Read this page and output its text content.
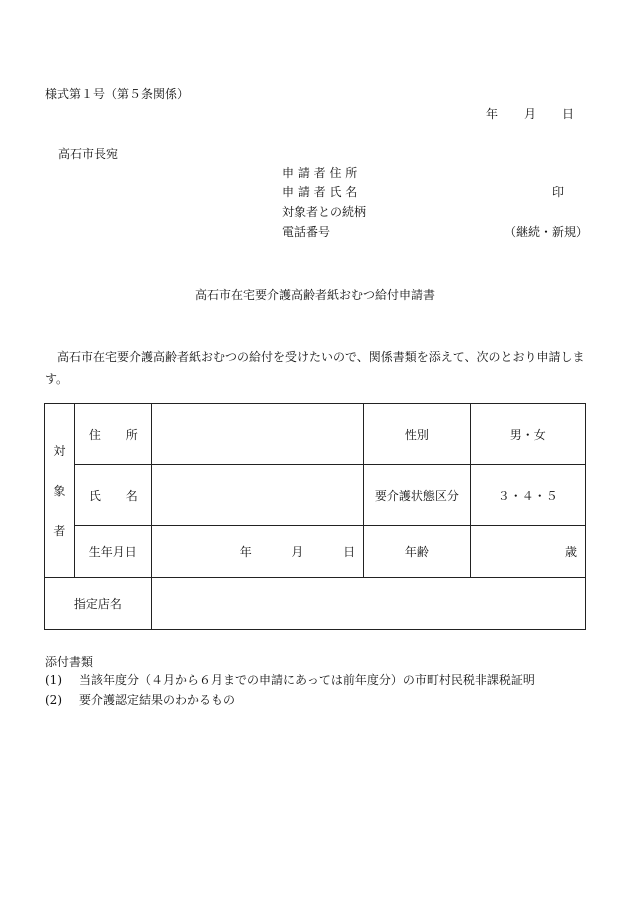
様式第１号（第５条関係）
年 月 日
高石市長宛
申 請 者 住 所
申 請 者 氏 名	印
対象者との続柄
電話番号	（継続・新規）
高石市在宅要介護高齢者紙おむつ給付申請書
高石市在宅要介護高齢者紙おむつの給付を受けたいので、関係書類を添えて、次のとおり申請します。
対
象
者	住 所		性別	男・女

	氏 名		要介護状態区分	３・４・５
	生年月日	年 月 日	年齢	歳

指定店名				
添付書類
(1) 当該年度分（４月から６月までの申請にあっては前年度分）の市町村民税非課税証明
(2) 要介護認定結果のわかるもの
